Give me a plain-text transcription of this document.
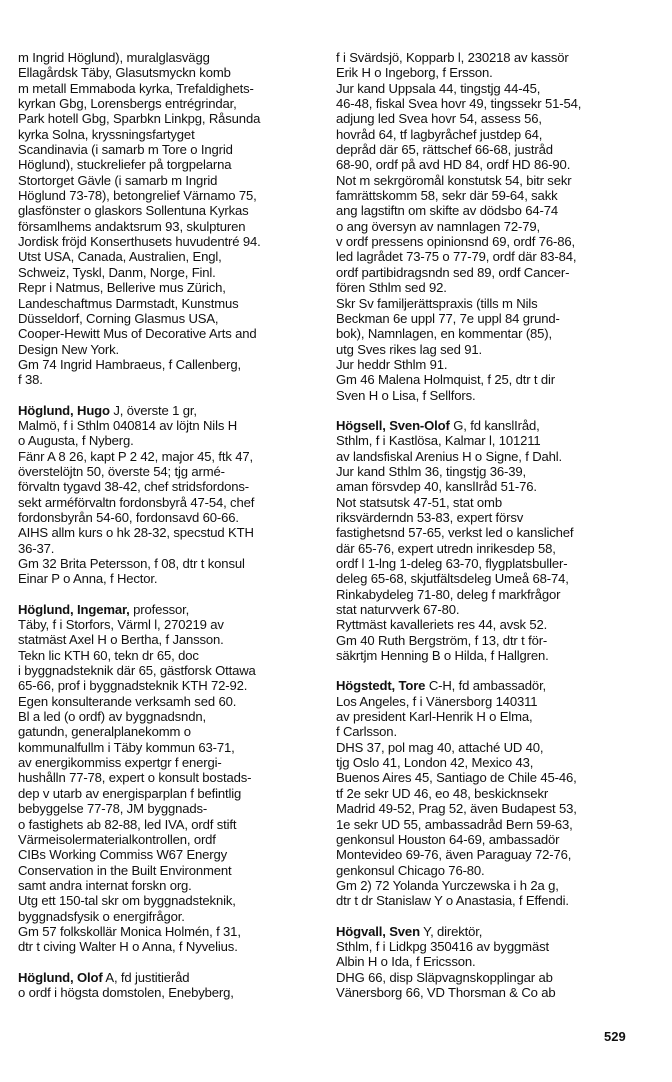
m Ingrid Höglund), muralglasvägg
Ellagårdsk Täby, Glasutsmyckn komb
m metall Emmaboda kyrka, Trefaldighets-
kyrkan Gbg, Lorensbergs entrégrindar,
Park hotell Gbg, Sparbkn Linkpg, Råsunda
kyrka Solna, kryssningsfartyget
Scandinavia (i samarb m Tore o Ingrid
Höglund), stuckreliefer på torgpelarna
Stortorget Gävle (i samarb m Ingrid
Höglund 73-78), betongrelief Värnamo 75,
glasfönster o glaskors Sollentuna Kyrkas
församlhems andaktsrum 93, skulpturen
Jordisk fröjd Konserthusets huvudentré 94.
Utst USA, Canada, Australien, Engl,
Schweiz, Tyskl, Danm, Norge, Finl.
Repr i Natmus, Bellerive mus Zürich,
Landeschaftmus Darmstadt, Kunstmus
Düsseldorf, Corning Glasmus USA,
Cooper-Hewitt Mus of Decorative Arts and
Design New York.
Gm 74 Ingrid Hambraeus, f Callenberg,
f 38.
Höglund, Hugo J, överste 1 gr,
Malmö, f i Sthlm 040814 av löjtn Nils H
o Augusta, f Nyberg.
Fänr A 8 26, kapt P 2 42, major 45, ftk 47,
överstelöjtn 50, överste 54; tjg armé-
förvaltn tygavd 38-42, chef stridsfordons-
sekt arméförvaltn fordonsbyrå 47-54, chef
fordonsbyrån 54-60, fordonsavd 60-66.
AIHS allm kurs o hk 28-32, specstud KTH
36-37.
Gm 32 Brita Petersson, f 08, dtr t konsul
Einar P o Anna, f Hector.
Höglund, Ingemar, professor,
Täby, f i Storfors, Värml l, 270219 av
statmäst Axel H o Bertha, f Jansson.
Tekn lic KTH 60, tekn dr 65, doc
i byggnadsteknik där 65, gästforsk Ottawa
65-66, prof i byggnadsteknik KTH 72-92.
Egen konsulterande verksamh sed 60.
Bl a led (o ordf) av byggnadsndn,
gatundn, generalplanekomm o
kommunalfullm i Täby kommun 63-71,
av energikommiss expertgr f energi-
hushålln 77-78, expert o konsult bostads-
dep v utarb av energisparplan f befintlig
bebyggelse 77-78, JM byggnads-
o fastighets ab 82-88, led IVA, ordf stift
Värmeisolermaterialkontrollen, ordf
CIBs Working Commiss W67 Energy
Conservation in the Built Environment
samt andra internat forskn org.
Utg ett 150-tal skr om byggnadsteknik,
byggnadsfysik o energifrågor.
Gm 57 folkskollär Monica Holmén, f 31,
dtr t civing Walter H o Anna, f Nyvelius.
Höglund, Olof A, fd justitieråd
o ordf i högsta domstolen, Enebyberg,
f i Svärdsjö, Kopparb l, 230218 av kassör
Erik H o Ingeborg, f Ersson.
Jur kand Uppsala 44, tingstjg 44-45,
46-48, fiskal Svea hovr 49, tingssekr 51-54,
adjung led Svea hovr 54, assess 56,
hovråd 64, tf lagbyråchef justdep 64,
depråd där 65, rättschef 66-68, justråd
68-90, ordf på avd HD 84, ordf HD 86-90.
Not m sekrgöromål konstutsk 54, bitr sekr
famrättskomm 58, sekr där 59-64, sakk
ang lagstiftn om skifte av dödsbo 64-74
o ang översyn av namnlagen 72-79,
v ordf pressens opinionsnd 69, ordf 76-86,
led lagrådet 73-75 o 77-79, ordf där 83-84,
ordf partibidragsndn sed 89, ordf Cancer-
fören Sthlm sed 92.
Skr Sv familjerättspraxis (tills m Nils
Beckman 6e uppl 77, 7e uppl 84 grund-
bok), Namnlagen, en kommentar (85),
utg Sves rikes lag sed 91.
Jur heddr Sthlm 91.
Gm 46 Malena Holmquist, f 25, dtr t dir
Sven H o Lisa, f Sellfors.
Högsell, Sven-Olof G, fd kanslIråd,
Sthlm, f i Kastlösa, Kalmar l, 101211
av landsfiskal Arenius H o Signe, f Dahl.
Jur kand Sthlm 36, tingstjg 36-39,
aman försvdep 40, kanslIråd 51-76.
Not statsutsk 47-51, stat omb
riksvärderndn 53-83, expert försv
fastighetsnd 57-65, verkst led o kanslichef
där 65-76, expert utredn inrikesdep 58,
ordf l 1-lng 1-deleg 63-70, flygplatsbuller-
deleg 65-68, skjutfältsdeleg Umeå 68-74,
Rinkabydeleg 71-80, deleg f markfrågor
stat naturvverk 67-80.
Ryttmäst kavalleriets res 44, avsk 52.
Gm 40 Ruth Bergström, f 13, dtr t för-
säkrtjm Henning B o Hilda, f Hallgren.
Högstedt, Tore C-H, fd ambassadör,
Los Angeles, f i Vänersborg 140311
av president Karl-Henrik H o Elma,
f Carlsson.
DHS 37, pol mag 40, attaché UD 40,
tjg Oslo 41, London 42, Mexico 43,
Buenos Aires 45, Santiago de Chile 45-46,
tf 2e sekr UD 46, eo 48, beskicknsekr
Madrid 49-52, Prag 52, även Budapest 53,
1e sekr UD 55, ambassadråd Bern 59-63,
genkonsul Houston 64-69, ambassadör
Montevideo 69-76, även Paraguay 72-76,
genkonsul Chicago 76-80.
Gm 2) 72 Yolanda Yurczewska i h 2a g,
dtr t dr Stanislaw Y o Anastasia, f Effendi.
Högvall, Sven Y, direktör,
Sthlm, f i Lidkpg 350416 av byggmäst
Albin H o Ida, f Ericsson.
DHG 66, disp Släpvagnskopplingar ab
Vänersborg 66, VD Thorsman & Co ab
529
